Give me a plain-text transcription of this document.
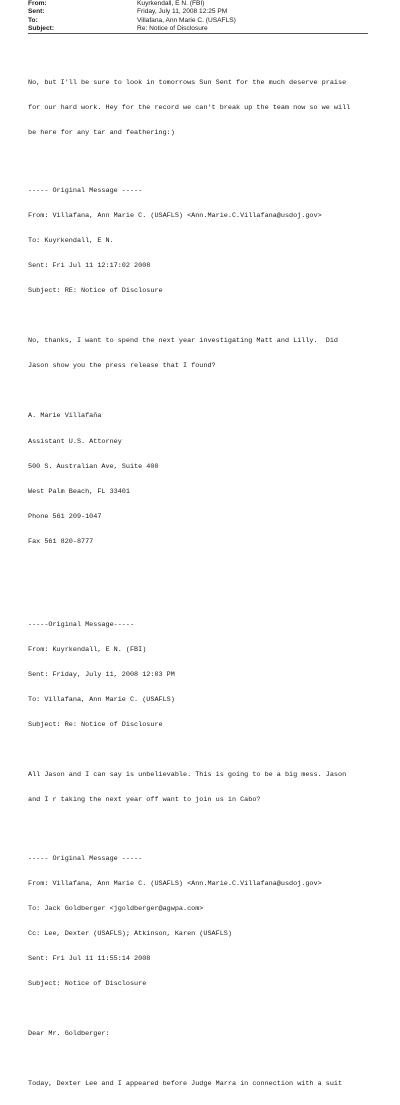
From:	Kuyrkendall, E N. (FBI)
Sent:	Friday, July 11, 2008 12:25 PM
To:	Villafana, Ann Marie C. (USAFLS)
Subject:	Re: Notice of Disclosure

No, but I'll be sure to look in tomorrows Sun Sent for the much deserve praise

for our hard work. Hey for the record we can't break up the team now so we will

be here for any tar and feathering:)

----- Original Message -----

From: Villafana, Ann Marie C. (USAFLS) <Ann.Marie.C.Villafana@usdoj.gov>

To: Kuyrkendall, E N.

Sent: Fri Jul 11 12:17:02 2008

Subject: RE: Notice of Disclosure

No, thanks, I want to spend the next year investigating Matt and Lilly.  Did

Jason show you the press release that I found?

A. Marie Villafaña

Assistant U.S. Attorney

500 S. Australian Ave, Suite 400

West Palm Beach, FL 33401

Phone 561 209-1047

Fax 561 820-8777

-----Original Message-----

From: Kuyrkendall, E N. (FBI)

Sent: Friday, July 11, 2008 12:03 PM

To: Villafana, Ann Marie C. (USAFLS)

Subject: Re: Notice of Disclosure

All Jason and I can say is unbelievable. This is going to be a big mess. Jason

and I r taking the next year off want to join us in Cabo?

----- Original Message -----

From: Villafana, Ann Marie C. (USAFLS) <Ann.Marie.C.Villafana@usdoj.gov>

To: Jack Goldberger <jgoldberger@agwpa.com>

Cc: Lee, Dexter (USAFLS); Atkinson, Karen (USAFLS)

Sent: Fri Jul 11 11:55:14 2008

Subject: Notice of Disclosure

Dear Mr. Goldberger:

Today, Dexter Lee and I appeared before Judge Marra in connection with a suit
